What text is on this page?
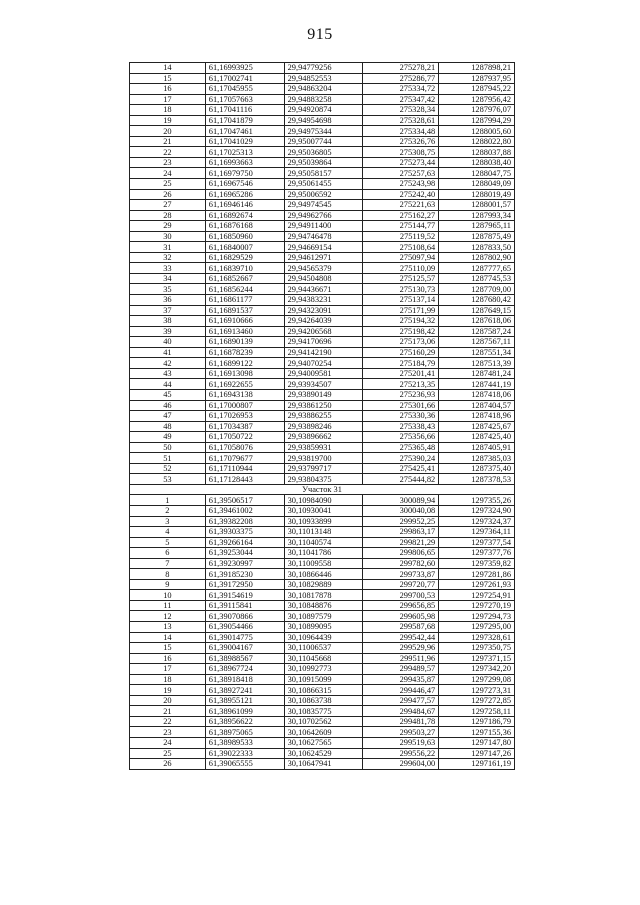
915
14	61,16993925	29,94779256	275278,21	1287898,21
15	61,17002741	29,94852553	275286,77	1287937,95
16	61,17045955	29,94863204	275334,72	1287945,22
17	61,17057663	29,94883258	275347,42	1287956,42
18	61,17041116	29,94920874	275328,34	1287976,07
19	61,17041879	29,94954698	275328,61	1287994,29
20	61,17047461	29,94975344	275334,48	1288005,60
21	61,17041029	29,95007744	275326,76	1288022,80
22	61,17025313	29,95036805	275308,75	1288037,88
23	61,16993663	29,95039864	275273,44	1288038,40
24	61,16979750	29,95058157	275257,63	1288047,75
25	61,16967546	29,95061455	275243,98	1288049,09
26	61,16965286	29,95006592	275242,40	1288019,49
27	61,16946146	29,94974545	275221,63	1288001,57
28	61,16892674	29,94962766	275162,27	1287993,34
29	61,16876168	29,94911400	275144,77	1287965,11
30	61,16850960	29,94746478	275119,52	1287875,49
31	61,16840007	29,94669154	275108,64	1287833,50
32	61,16829529	29,94612971	275097,94	1287802,90
33	61,16839710	29,94565379	275110,09	1287777,65
34	61,16852667	29,94504808	275125,57	1287745,53
35	61,16856244	29,94436671	275130,73	1287709,00
36	61,16861177	29,94383231	275137,14	1287680,42
37	61,16891537	29,94323091	275171,99	1287649,15
38	61,16910666	29,94264039	275194,32	1287618,06
39	61,16913460	29,94206568	275198,42	1287587,24
40	61,16890139	29,94170696	275173,06	1287567,11
41	61,16878239	29,94142190	275160,29	1287551,34
42	61,16899122	29,94070254	275184,79	1287513,39
43	61,16913098	29,94009581	275201,41	1287481,24
44	61,16922655	29,93934507	275213,35	1287441,19
45	61,16943138	29,93890149	275236,93	1287418,06
46	61,17000807	29,93861250	275301,66	1287404,57
47	61,17026953	29,93886255	275330,36	1287418,96
48	61,17034387	29,93898246	275338,43	1287425,67
49	61,17050722	29,93896662	275356,66	1287425,40
50	61,17058076	29,93859931	275365,48	1287405,91
51	61,17079677	29,93819700	275390,24	1287385,03
52	61,17110944	29,93799717	275425,41	1287375,40
53	61,17128443	29,93804375	275444,82	1287378,53
Участок 31				
1	61,39506517	30,10984090	300089,94	1297355,26
2	61,39461002	30,10930041	300040,08	1297324,90
3	61,39382208	30,10933899	299952,25	1297324,37
4	61,39303375	30,11013148	299863,17	1297364,11
5	61,39266164	30,11040574	299821,29	1297377,54
6	61,39253044	30,11041786	299806,65	1297377,76
7	61,39230997	30,11009558	299782,60	1297359,82
8	61,39185230	30,10866446	299733,87	1297281,86
9	61,39172950	30,10829889	299720,77	1297261,93
10	61,39154619	30,10817878	299700,53	1297254,91
11	61,39115841	30,10848876	299656,85	1297270,19
12	61,39070866	30,10897579	299605,98	1297294,73
13	61,39054466	30,10899095	299587,68	1297295,00
14	61,39014775	30,10964439	299542,44	1297328,61
15	61,39004167	30,11006537	299529,96	1297350,75
16	61,38988567	30,11045668	299511,96	1297371,15
17	61,38967724	30,10992773	299489,57	1297342,20
18	61,38918418	30,10915099	299435,87	1297299,08
19	61,38927241	30,10866315	299446,47	1297273,31
20	61,38955121	30,10863738	299477,57	1297272,85
21	61,38961099	30,10835775	299484,67	1297258,11
22	61,38956622	30,10702562	299481,78	1297186,79
23	61,38975065	30,10642609	299503,27	1297155,36
24	61,38989533	30,10627565	299519,63	1297147,80
25	61,39022333	30,10624529	299556,22	1297147,26
26	61,39065555	30,10647941	299604,00	1297161,19
